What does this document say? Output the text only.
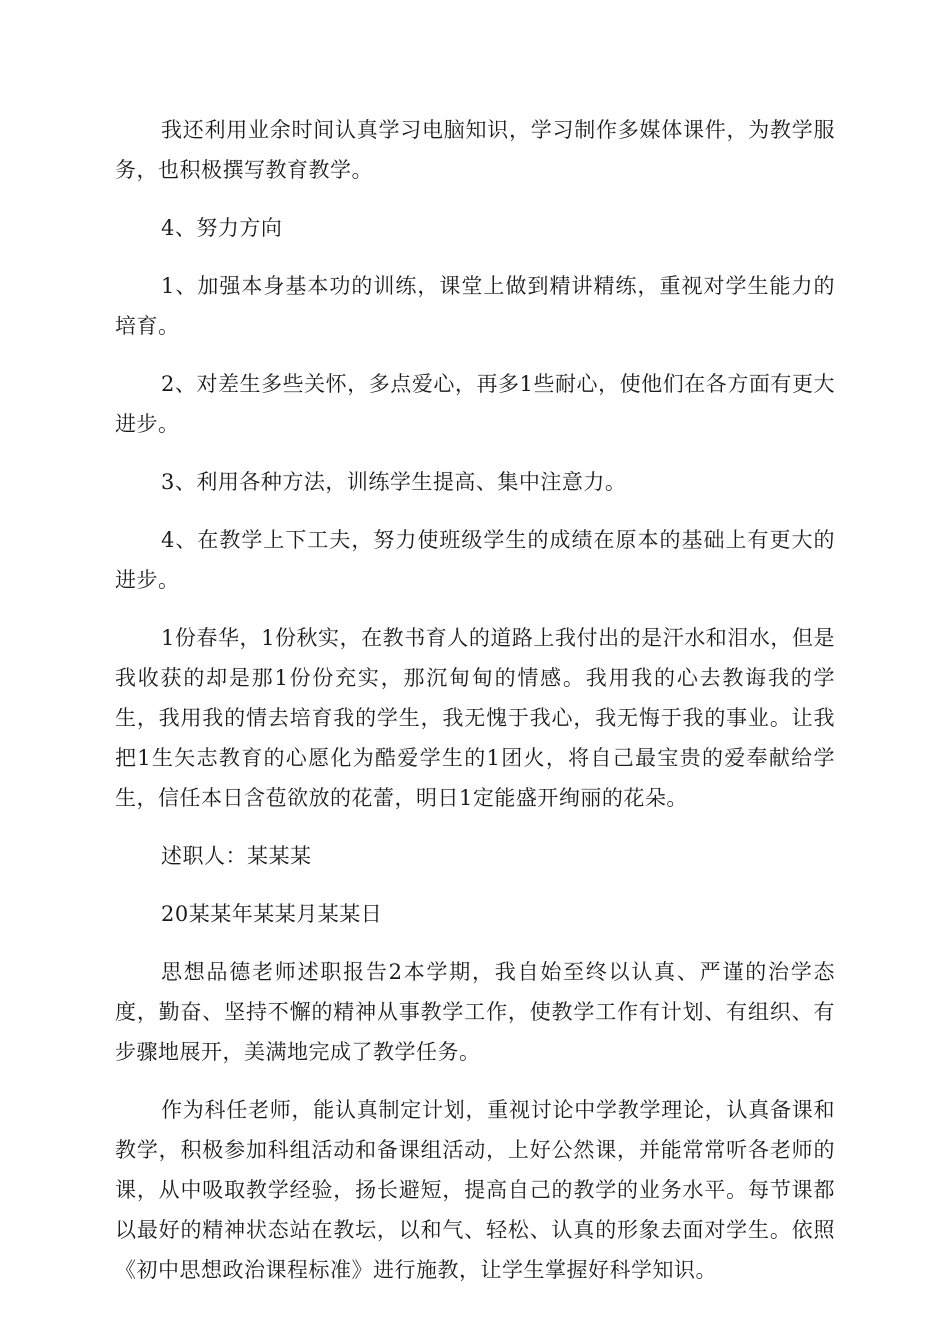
我还利用业余时间认真学习电脑知识，学习制作多媒体课件，为教学服务，也积极撰写教育教学。

4、努力方向

1、加强本身基本功的训练，课堂上做到精讲精练，重视对学生能力的培育。

2、对差生多些关怀，多点爱心，再多1些耐心，使他们在各方面有更大进步。

3、利用各种方法，训练学生提高、集中注意力。

4、在教学上下工夫，努力使班级学生的成绩在原本的基础上有更大的进步。

1份春华，1份秋实，在教书育人的道路上我付出的是汗水和泪水，但是我收获的却是那1份份充实，那沉甸甸的情感。我用我的心去教诲我的学生，我用我的情去培育我的学生，我无愧于我心，我无悔于我的事业。让我把1生矢志教育的心愿化为酷爱学生的1团火，将自己最宝贵的爱奉献给学生，信任本日含苞欲放的花蕾，明日1定能盛开绚丽的花朵。

述职人：某某某

20某某年某某月某某日

思想品德老师述职报告2本学期，我自始至终以认真、严谨的治学态度，勤奋、坚持不懈的精神从事教学工作，使教学工作有计划、有组织、有步骤地展开，美满地完成了教学任务。

作为科任老师，能认真制定计划，重视讨论中学教学理论，认真备课和教学，积极参加科组活动和备课组活动，上好公然课，并能常常听各老师的课，从中吸取教学经验，扬长避短，提高自己的教学的业务水平。每节课都以最好的精神状态站在教坛，以和气、轻松、认真的形象去面对学生。依照《初中思想政治课程标准》进行施教，让学生掌握好科学知识。
